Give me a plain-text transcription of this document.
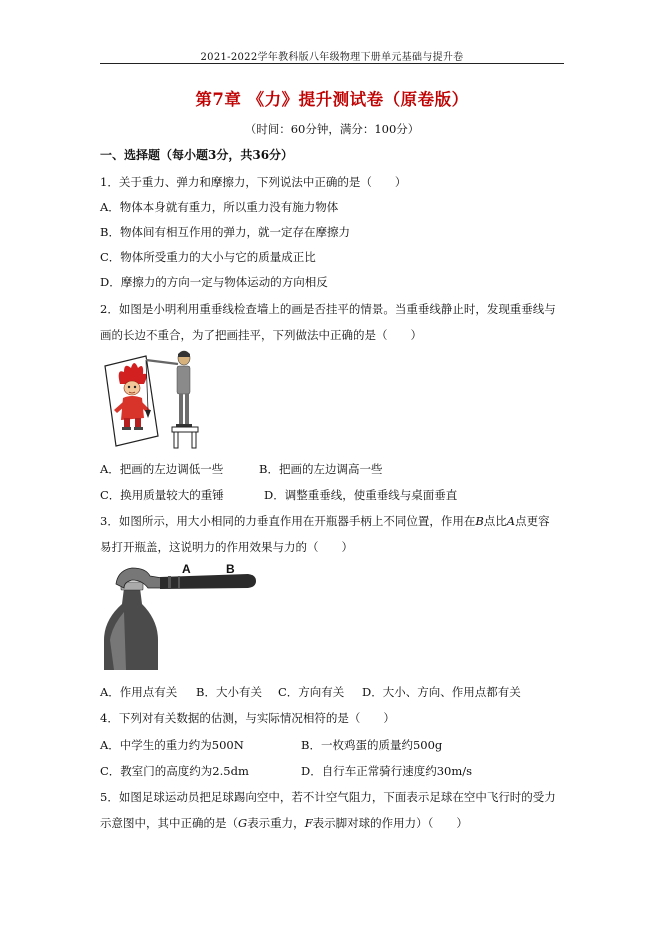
2021-2022学年教科版八年级物理下册单元基础与提升卷
第7章 《力》提升测试卷（原卷版）
（时间：60分钟，满分：100分）
一、选择题（每小题3分，共36分）
1．关于重力、弹力和摩擦力，下列说法中正确的是（　　）
A．物体本身就有重力，所以重力没有施力物体
B．物体间有相互作用的弹力，就一定存在摩擦力
C．物体所受重力的大小与它的质量成正比
D．摩擦力的方向一定与物体运动的方向相反
2．如图是小明利用重垂线检查墙上的画是否挂平的情景。当重垂线静止时，发现重垂线与
画的长边不重合，为了把画挂平，下列做法中正确的是（　　）
A．把画的左边调低一些	B．把画的左边调高一些
C．换用质量较大的重锤	D．调整重垂线，使重垂线与桌面垂直
3．如图所示，用大小相同的力垂直作用在开瓶器手柄上不同位置，作用在B点比A点更容
易打开瓶盖，这说明力的作用效果与力的（　　）
A	B
A．作用点有关 B．大小有关 C．方向有关 D．大小、方向、作用点都有关
4．下列对有关数据的估测，与实际情况相符的是（　　）
A．中学生的重力约为500N	B．一枚鸡蛋的质量约500g
C．教室门的高度约为2.5dm	D．自行车正常骑行速度约30m/s
5．如图足球运动员把足球踢向空中，若不计空气阻力，下面表示足球在空中飞行时的受力
示意图中，其中正确的是（G表示重力，F表示脚对球的作用力）（　　）
